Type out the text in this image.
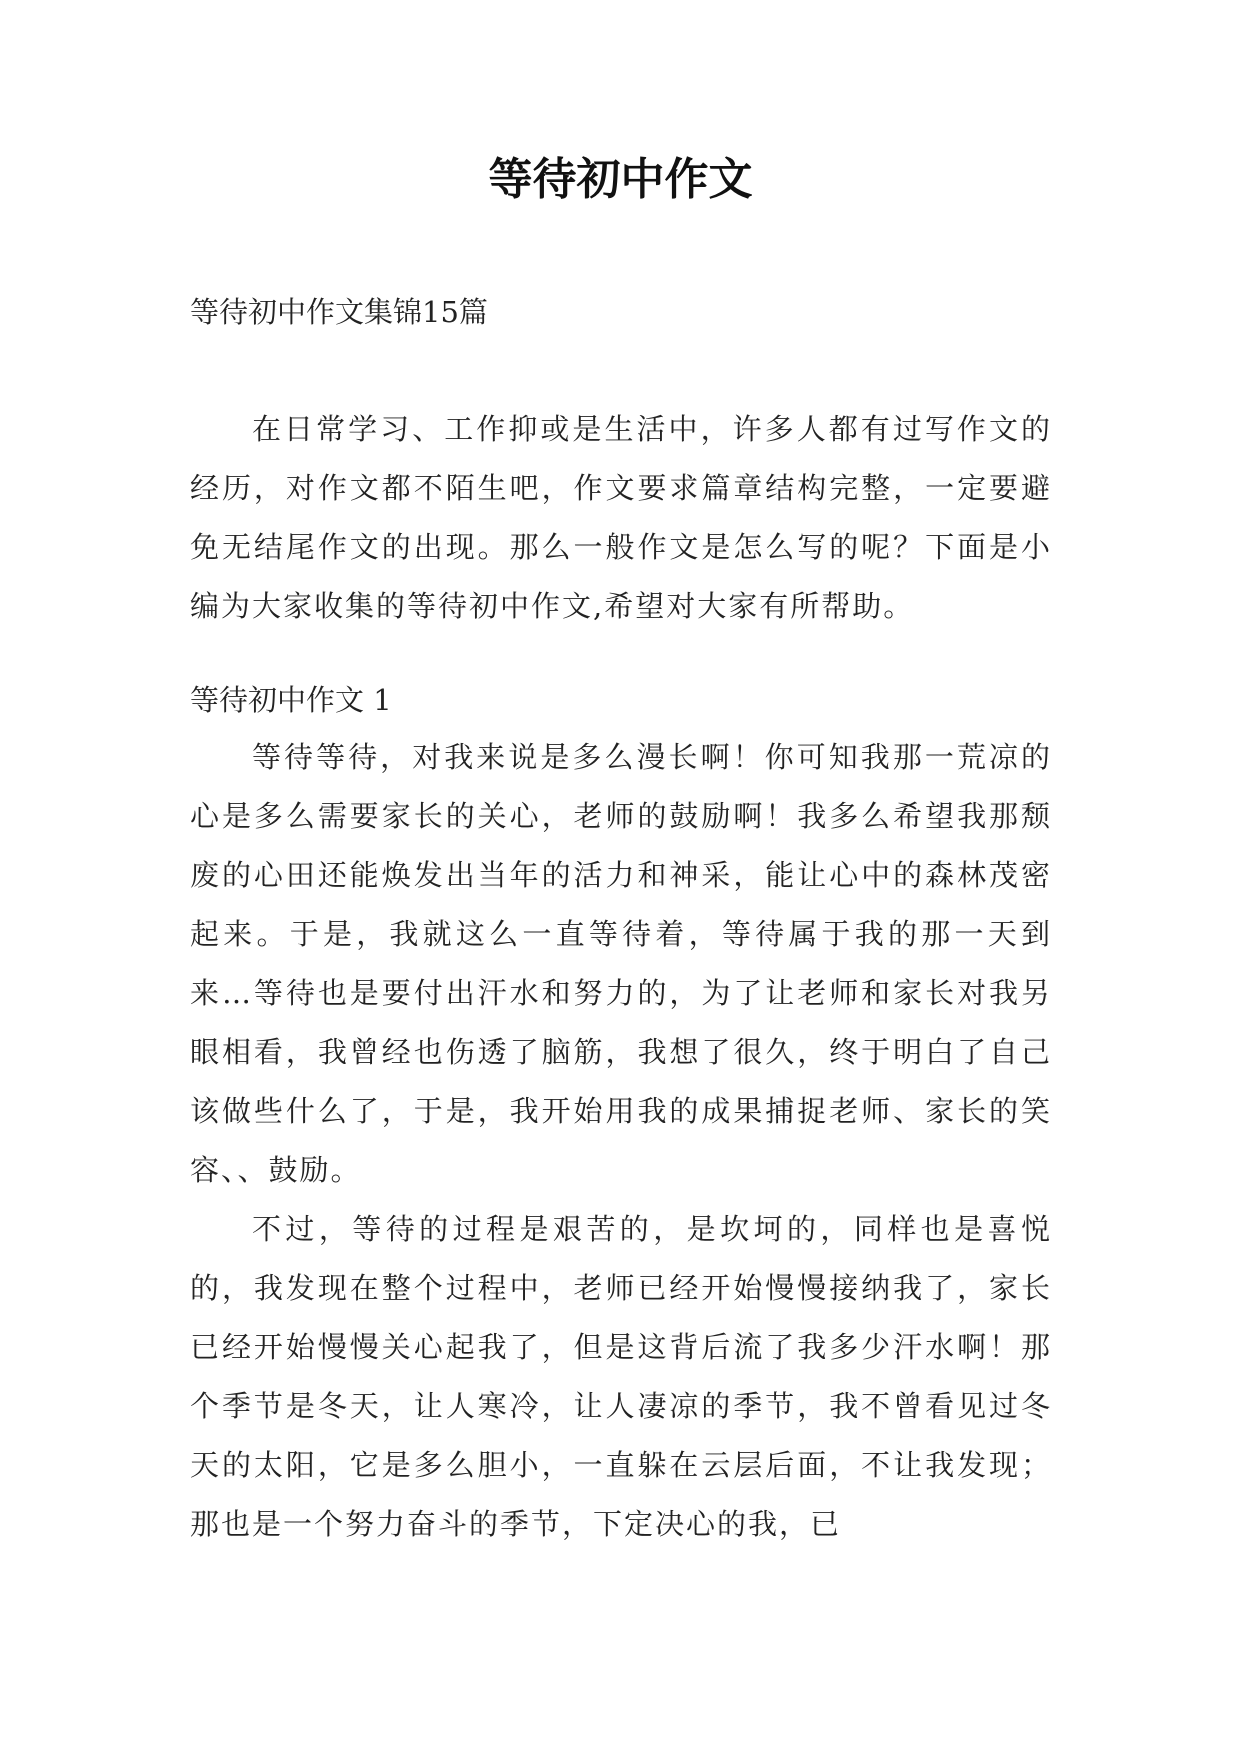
等待初中作文

等待初中作文集锦15篇

在日常学习、工作抑或是生活中，许多人都有过写作文的经历，对作文都不陌生吧，作文要求篇章结构完整，一定要避免无结尾作文的出现。那么一般作文是怎么写的呢？下面是小编为大家收集的等待初中作文,希望对大家有所帮助。

等待初中作文 1

等待等待，对我来说是多么漫长啊！你可知我那一荒凉的心是多么需要家长的关心，老师的鼓励啊！我多么希望我那颓废的心田还能焕发出当年的活力和神采，能让心中的森林茂密起来。于是，我就这么一直等待着，等待属于我的那一天到来…等待也是要付出汗水和努力的，为了让老师和家长对我另眼相看，我曾经也伤透了脑筋，我想了很久，终于明白了自己该做些什么了，于是，我开始用我的成果捕捉老师、家长的笑容、、鼓励。

不过，等待的过程是艰苦的，是坎坷的，同样也是喜悦的，我发现在整个过程中，老师已经开始慢慢接纳我了，家长已经开始慢慢关心起我了，但是这背后流了我多少汗水啊！那个季节是冬天，让人寒冷，让人凄凉的季节，我不曾看见过冬天的太阳，它是多么胆小，一直躲在云层后面，不让我发现；那也是一个努力奋斗的季节，下定决心的我，已
